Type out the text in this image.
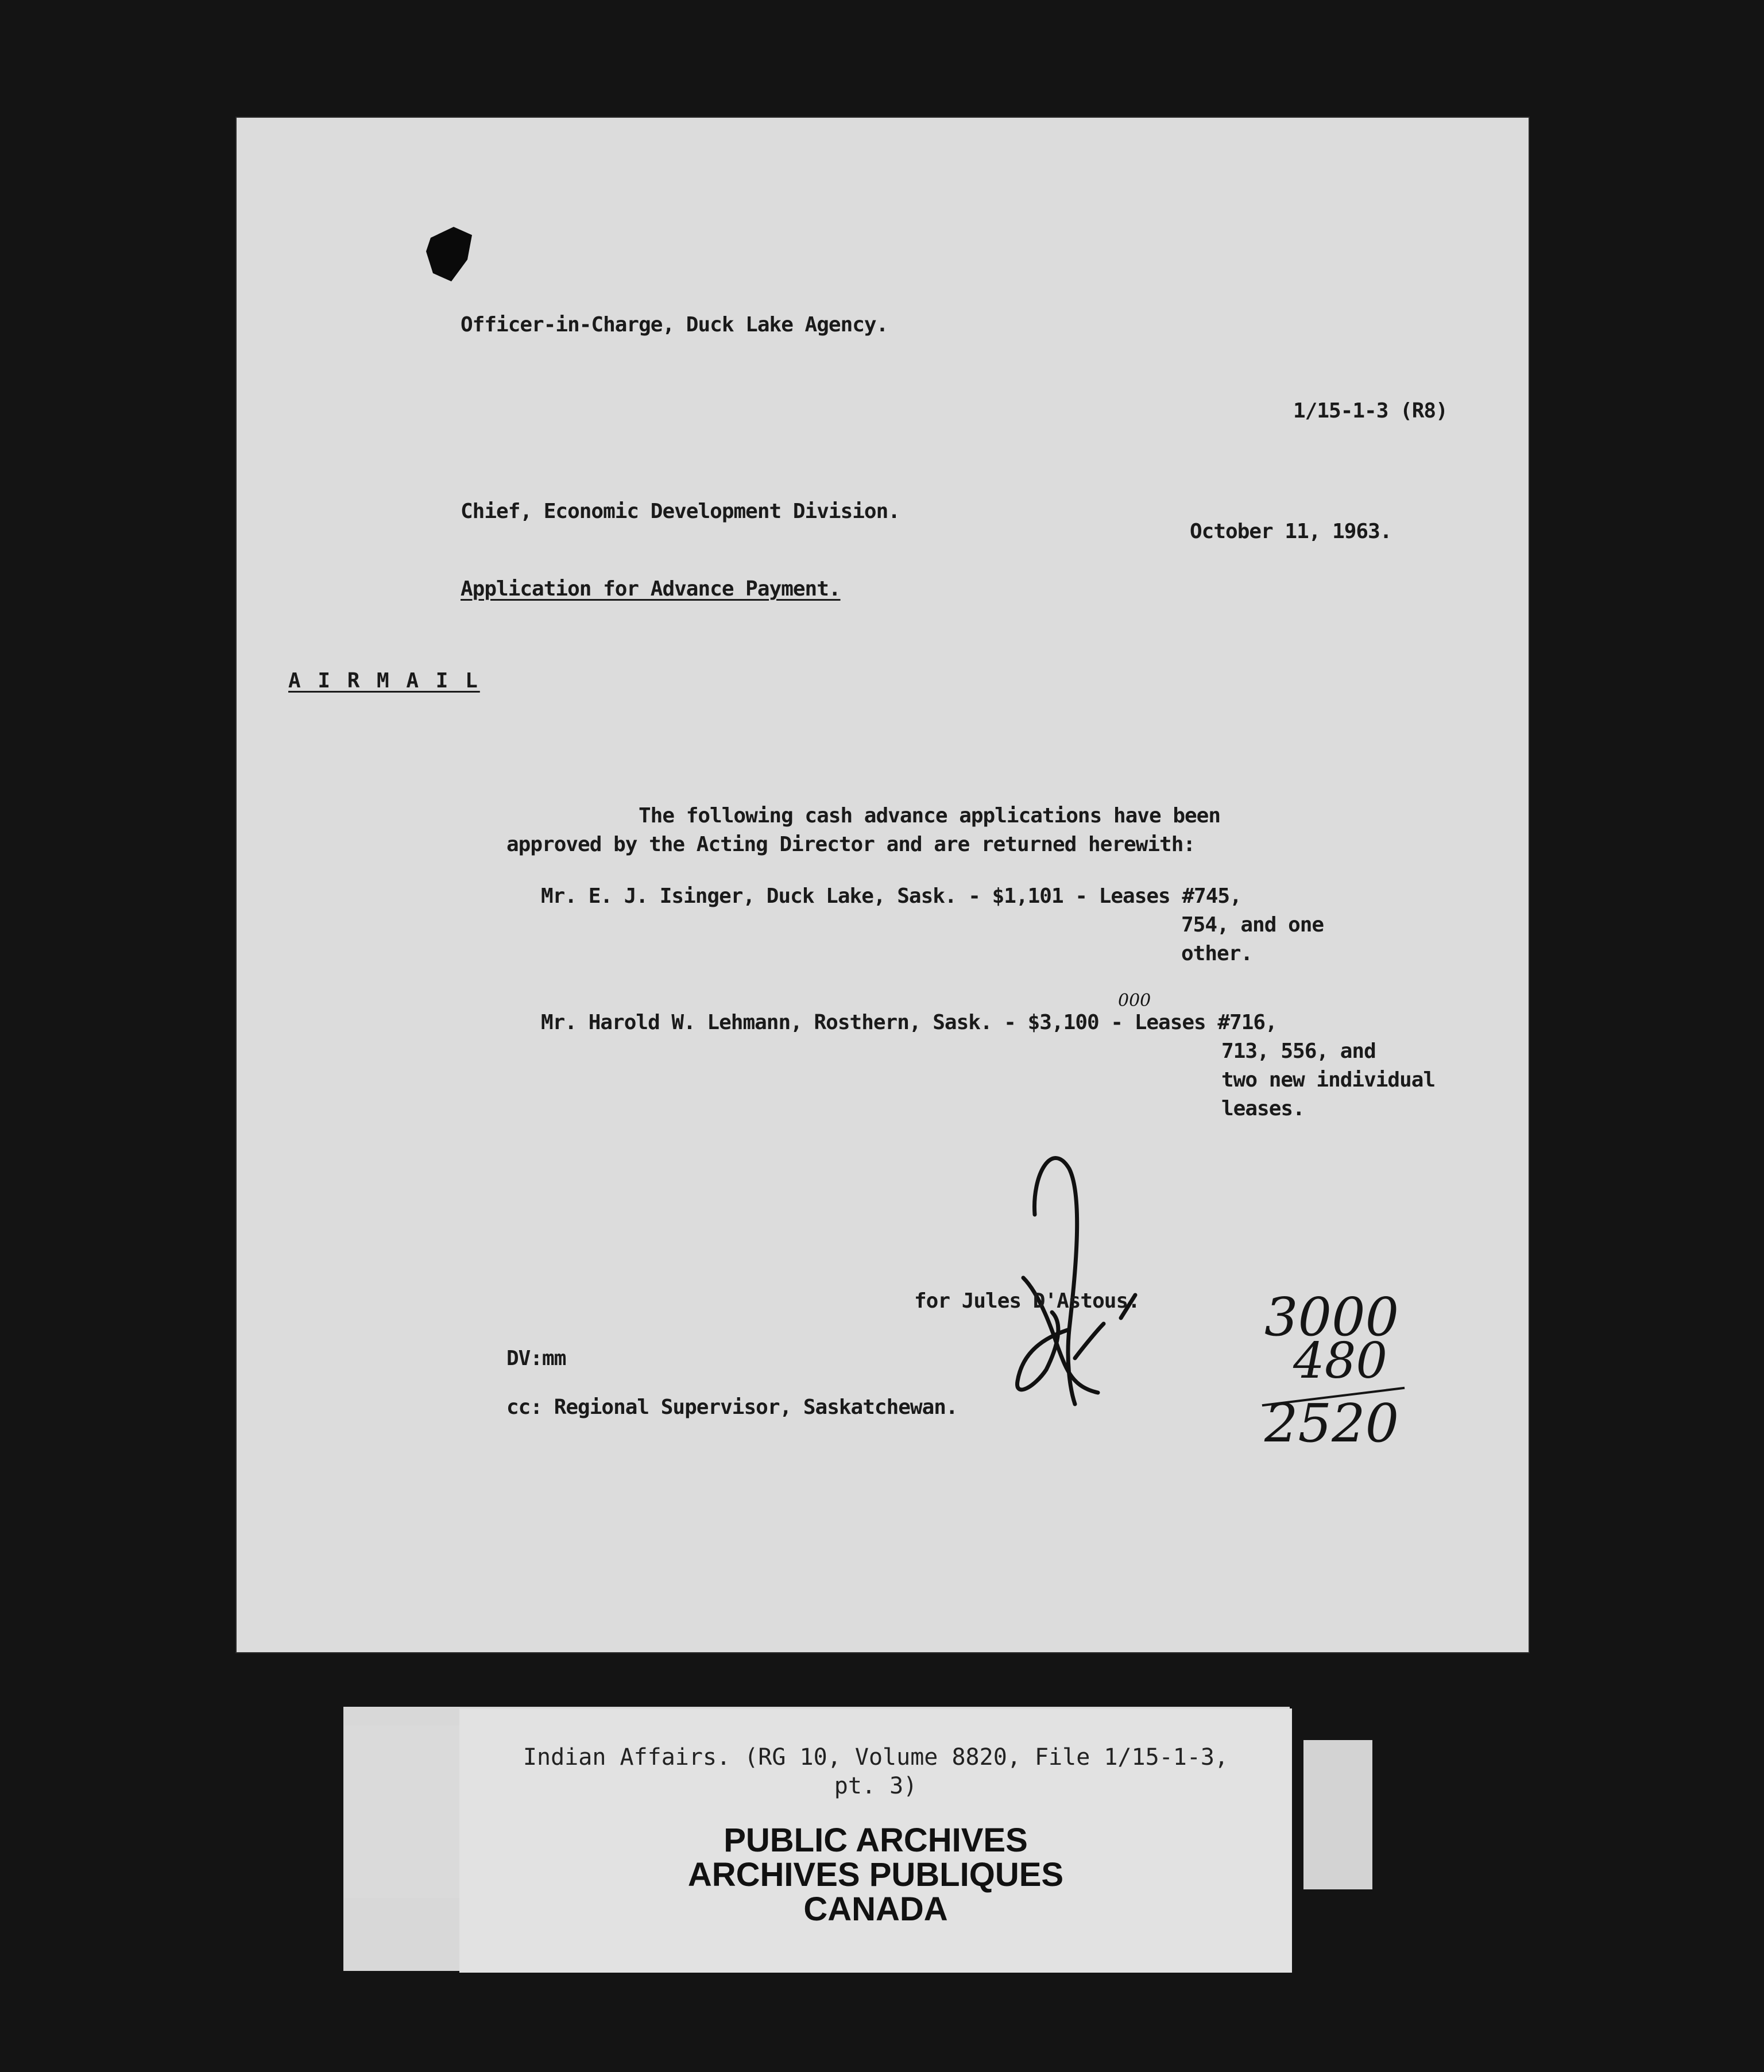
Officer-in-Charge, Duck Lake Agency.
1/15-1-3 (R8)
Chief, Economic Development Division.
October 11, 1963.
Application for Advance Payment.
A I R M A I L
The following cash advance applications have been
approved by the Acting Director and are returned herewith:
Mr. E. J. Isinger, Duck Lake, Sask. - $1,101 - Leases #745,
754, and one
other.
000
Mr. Harold W. Lehmann, Rosthern, Sask. - $3,100 - Leases #716,
713, 556, and
two new individual
leases.
for Jules D'Astous.
DV:mm
cc: Regional Supervisor, Saskatchewan.
3000
480
2520
Indian Affairs. (RG 10, Volume 8820, File 1/15-1-3,
pt. 3)
PUBLIC ARCHIVES
ARCHIVES PUBLIQUES
CANADA
